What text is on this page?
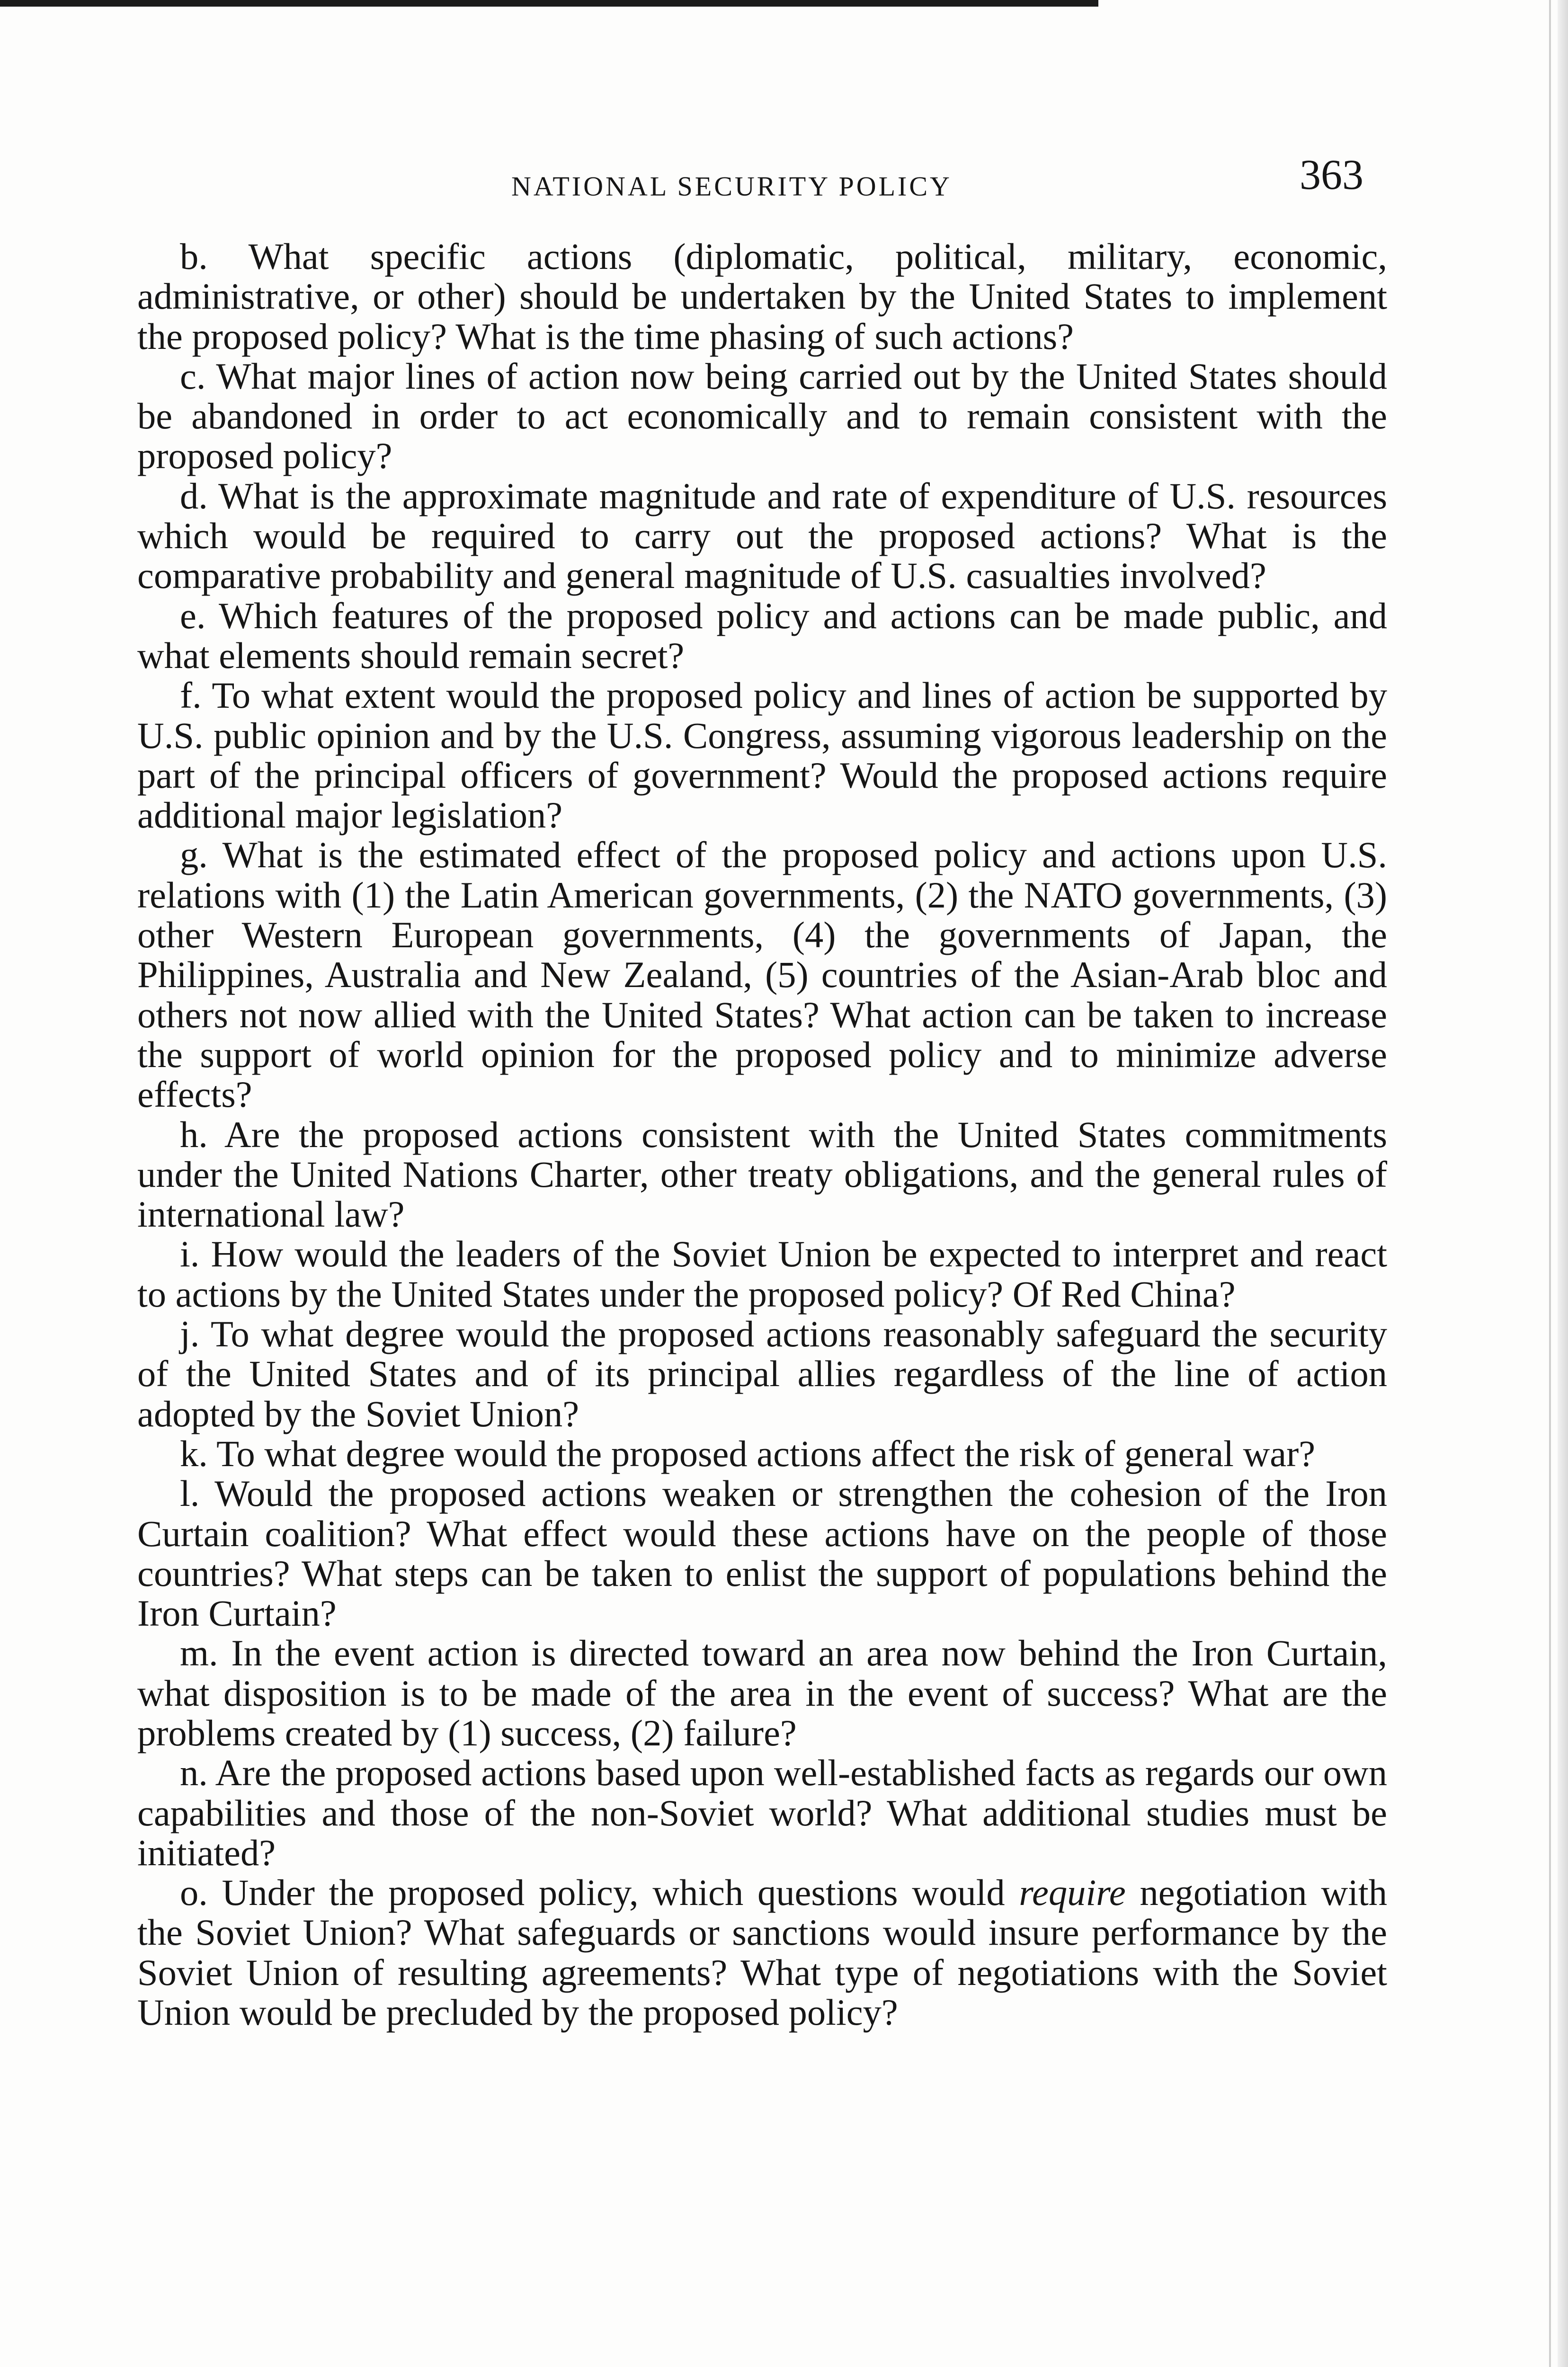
NATIONAL SECURITY POLICY	363

b. What specific actions (diplomatic, political, military, economic, administrative, or other) should be undertaken by the United States to implement the proposed policy? What is the time phasing of such actions?

c. What major lines of action now being carried out by the United States should be abandoned in order to act economically and to remain consistent with the proposed policy?

d. What is the approximate magnitude and rate of expenditure of U.S. resources which would be required to carry out the proposed actions? What is the comparative probability and general magnitude of U.S. casualties involved?

e. Which features of the proposed policy and actions can be made public, and what elements should remain secret?

f. To what extent would the proposed policy and lines of action be supported by U.S. public opinion and by the U.S. Congress, assuming vigorous leadership on the part of the principal officers of government? Would the proposed actions require additional major legislation?

g. What is the estimated effect of the proposed policy and actions upon U.S. relations with (1) the Latin American governments, (2) the NATO governments, (3) other Western European governments, (4) the governments of Japan, the Philippines, Australia and New Zealand, (5) countries of the Asian-Arab bloc and others not now allied with the United States? What action can be taken to increase the support of world opinion for the proposed policy and to minimize adverse effects?

h. Are the proposed actions consistent with the United States commitments under the United Nations Charter, other treaty obligations, and the general rules of international law?

i. How would the leaders of the Soviet Union be expected to interpret and react to actions by the United States under the proposed policy? Of Red China?

j. To what degree would the proposed actions reasonably safeguard the security of the United States and of its principal allies regardless of the line of action adopted by the Soviet Union?

k. To what degree would the proposed actions affect the risk of general war?

l. Would the proposed actions weaken or strengthen the cohesion of the Iron Curtain coalition? What effect would these actions have on the people of those countries? What steps can be taken to enlist the support of populations behind the Iron Curtain?

m. In the event action is directed toward an area now behind the Iron Curtain, what disposition is to be made of the area in the event of success? What are the problems created by (1) success, (2) failure?

n. Are the proposed actions based upon well-established facts as regards our own capabilities and those of the non-Soviet world? What additional studies must be initiated?

o. Under the proposed policy, which questions would require negotiation with the Soviet Union? What safeguards or sanctions would insure performance by the Soviet Union of resulting agreements? What type of negotiations with the Soviet Union would be precluded by the proposed policy?
